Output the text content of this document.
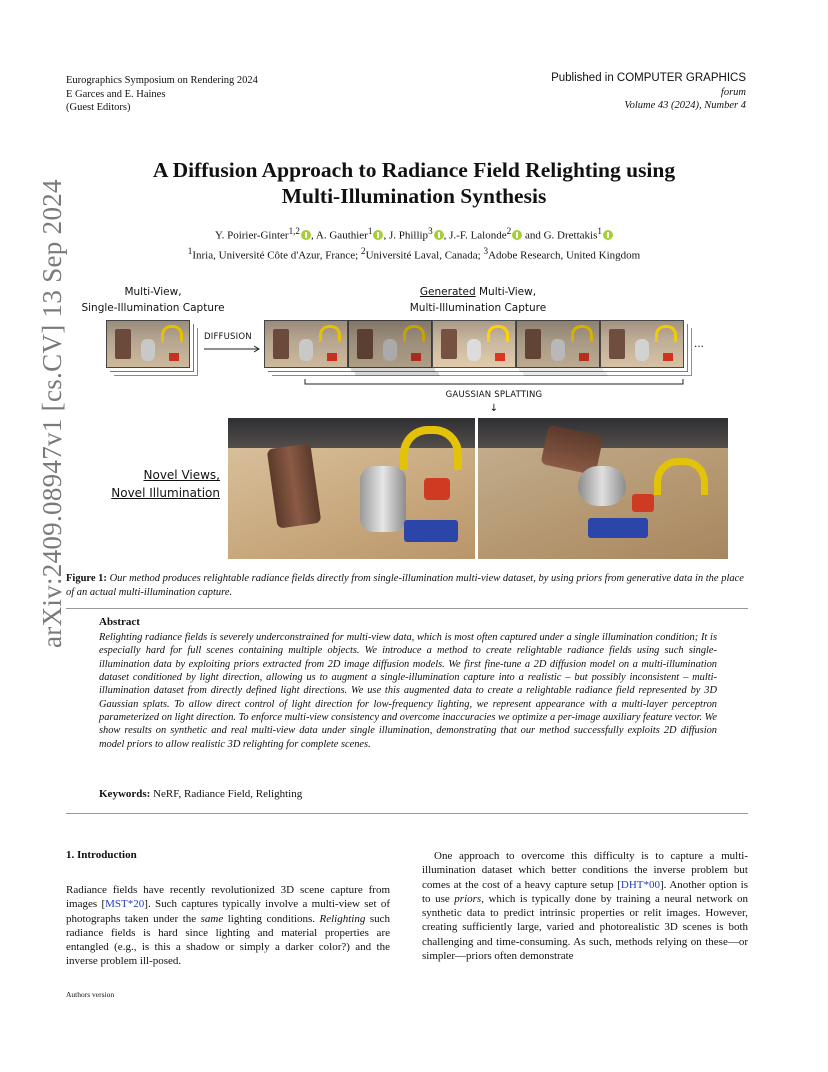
Eurographics Symposium on Rendering 2024
E Garces and E. Haines
(Guest Editors)
Published in COMPUTER GRAPHICS
forum
Volume 43 (2024), Number 4
arXiv:2409.08947v1 [cs.CV] 13 Sep 2024
A Diffusion Approach to Radiance Field Relighting using
Multi-Illumination Synthesis
Y. Poirier-Ginter$^{1,2}$ , A. Gauthier$^1$ , J. Phillip$^3$ , J.-F. Lalonde$^2$ and G. Drettakis$^1$
$^1$Inria, Université Côte d'Azur, France; $^2$Université Laval, Canada; $^3$Adobe Research, United Kingdom
Multi-View,
Single-Illumination Capture
DIFFUSION
Generated Multi-View,
Multi-Illumination Capture
...
GAUSSIAN SPLATTING
↓
Novel Views,
Novel Illumination
Figure 1: Our method produces relightable radiance fields directly from single-illumination multi-view dataset, by using priors from generative data in the place of an actual multi-illumination capture.
Abstract
Relighting radiance fields is severely underconstrained for multi-view data, which is most often captured under a single illumination condition; It is especially hard for full scenes containing multiple objects. We introduce a method to create relightable radiance fields using such single-illumination data by exploiting priors extracted from 2D image diffusion models. We first fine-tune a 2D diffusion model on a multi-illumination dataset conditioned by light direction, allowing us to augment a single-illumination capture into a realistic – but possibly inconsistent – multi-illumination dataset from directly defined light directions. We use this augmented data to create a relightable radiance field represented by 3D Gaussian splats. To allow direct control of light direction for low-frequency lighting, we represent appearance with a multi-layer perceptron parameterized on light direction. To enforce multi-view consistency and overcome inaccuracies we optimize a per-image auxiliary feature vector. We show results on synthetic and real multi-view data under single illumination, demonstrating that our method successfully exploits 2D diffusion model priors to allow realistic 3D relighting for complete scenes.
Keywords: NeRF, Radiance Field, Relighting
1. Introduction
Radiance fields have recently revolutionized 3D scene capture from images [MST*20]. Such captures typically involve a multi-view set of photographs taken under the same lighting conditions. Relighting such radiance fields is hard since lighting and material properties are entangled (e.g., is this a shadow or simply a darker color?) and the inverse problem ill-posed.
One approach to overcome this difficulty is to capture a multi-illumination dataset which better conditions the inverse problem but comes at the cost of a heavy capture setup [DHT*00]. Another option is to use priors, which is typically done by training a neural network on synthetic data to predict intrinsic properties or relit images. However, creating sufficiently large, varied and photorealistic 3D scenes is both challenging and time-consuming. As such, methods relying on these—or simpler—priors often demonstrate
Authors version
